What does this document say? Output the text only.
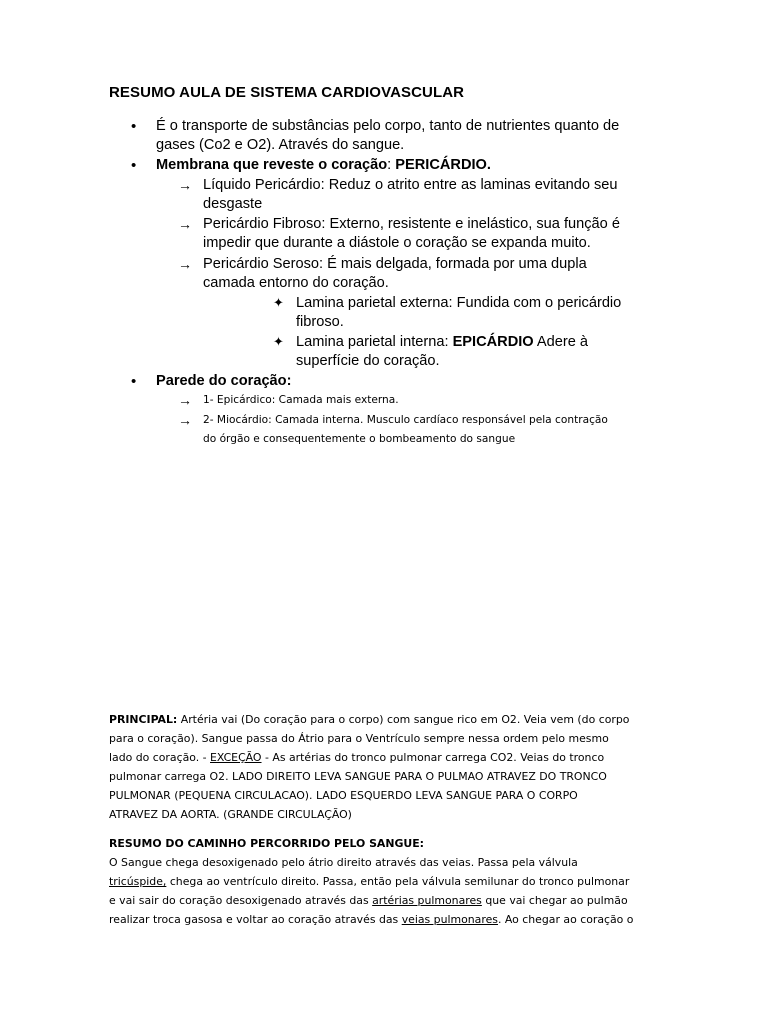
RESUMO AULA DE SISTEMA CARDIOVASCULAR
• É o transporte de substâncias pelo corpo, tanto de nutrientes quanto de
gases (Co2 e O2). Através do sangue.
• Membrana que reveste o coração: PERICÁRDIO.
→ Líquido Pericárdio: Reduz o atrito entre as laminas evitando seu
desgaste
→ Pericárdio Fibroso: Externo, resistente e inelástico, sua função é
impedir que durante a diástole o coração se expanda muito.
→ Pericárdio Seroso: É mais delgada, formada por uma dupla
camada entorno do coração.
✦ Lamina parietal externa: Fundida com o pericárdio
fibroso.
✦ Lamina parietal interna: EPICÁRDIO Adere à
superfície do coração.
• Parede do coração:
→ 1- Epicárdico: Camada mais externa.
→ 2- Miocárdio: Camada interna. Musculo cardíaco responsável pela contração
do órgão e consequentemente o bombeamento do sangue
PRINCIPAL: Artéria vai (Do coração para o corpo) com sangue rico em O2. Veia vem (do corpo
para o coração). Sangue passa do Átrio para o Ventrículo sempre nessa ordem pelo mesmo
lado do coração. - EXCEÇÃO - As artérias do tronco pulmonar carrega CO2. Veias do tronco
pulmonar carrega O2. LADO DIREITO LEVA SANGUE PARA O PULMAO ATRAVEZ DO TRONCO
PULMONAR (PEQUENA CIRCULACAO). LADO ESQUERDO LEVA SANGUE PARA O CORPO
ATRAVEZ DA AORTA. (GRANDE CIRCULAÇÃO)
RESUMO DO CAMINHO PERCORRIDO PELO SANGUE:
O Sangue chega desoxigenado pelo átrio direito através das veias. Passa pela válvula
tricúspide, chega ao ventrículo direito. Passa, então pela válvula semilunar do tronco pulmonar
e vai sair do coração desoxigenado através das artérias pulmonares que vai chegar ao pulmão
realizar troca gasosa e voltar ao coração através das veias pulmonares. Ao chegar ao coração o
